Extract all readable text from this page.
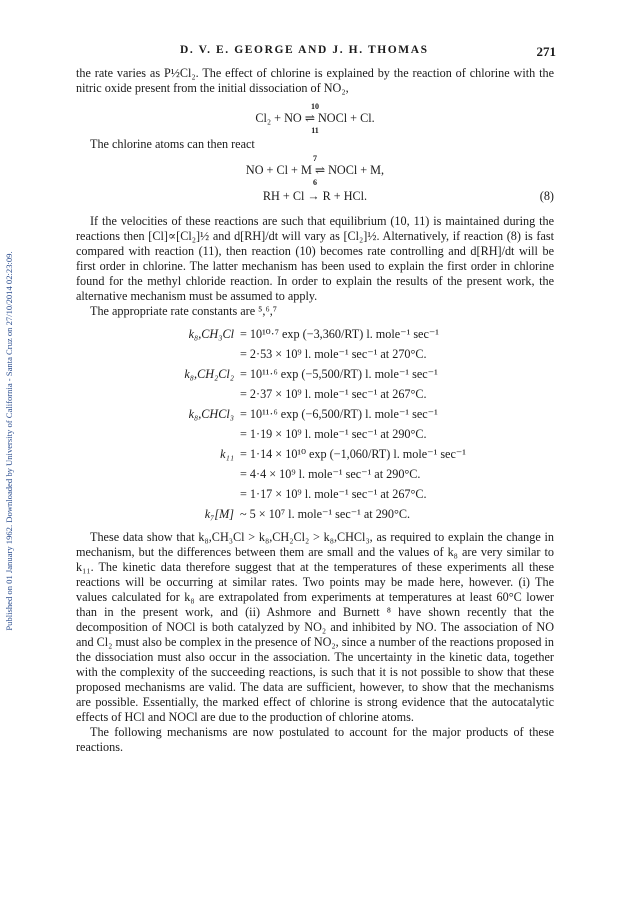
Published on 01 January 1962. Downloaded by University of California - Santa Cruz on 27/10/2014 02:23:09.
D. V. E. GEORGE AND J. H. THOMAS	271

the rate varies as P½Cl₂. The effect of chlorine is explained by the reaction of chlorine with the nitric oxide present from the initial dissociation of NO₂,

10
Cl₂ + NO ⇌ NOCl + Cl.
11

The chlorine atoms can then react

7
NO + Cl + M ⇌ NOCl + M,
6
RH + Cl → R + HCl.	(8)

If the velocities of these reactions are such that equilibrium (10, 11) is maintained during the reactions then [Cl]∝[Cl₂]½ and d[RH]/dt will vary as [Cl₂]½. Alternatively, if reaction (8) is fast compared with reaction (11), then reaction (10) becomes rate controlling and d[RH]/dt will be first order in chlorine. The latter mechanism has been used to explain the first order in chlorine found for the methyl chloride reaction. In order to explain the results of the present work, the alternative mechanism must be assumed to apply.

The appropriate rate constants are ⁵,⁶,⁷

k₈,CH₃Cl = 10¹⁰·⁷ exp (−3,360/RT) l. mole⁻¹ sec⁻¹
= 2·53 × 10⁹ l. mole⁻¹ sec⁻¹ at 270°C.
k₈,CH₂Cl₂ = 10¹¹·⁶ exp (−5,500/RT) l. mole⁻¹ sec⁻¹
= 2·37 × 10⁹ l. mole⁻¹ sec⁻¹ at 267°C.
k₈,CHCl₃ = 10¹¹·⁶ exp (−6,500/RT) l. mole⁻¹ sec⁻¹
= 1·19 × 10⁹ l. mole⁻¹ sec⁻¹ at 290°C.
k₁₁ = 1·14 × 10¹⁰ exp (−1,060/RT) l. mole⁻¹ sec⁻¹
= 4·4 × 10⁹ l. mole⁻¹ sec⁻¹ at 290°C.
= 1·17 × 10⁹ l. mole⁻¹ sec⁻¹ at 267°C.
k₇[M] ~ 5 × 10⁷ l. mole⁻¹ sec⁻¹ at 290°C.

These data show that k₈,CH₃Cl > k₈,CH₂Cl₂ > k₈,CHCl₃, as required to explain the change in mechanism, but the differences between them are small and the values of k₈ are very similar to k₁₁. The kinetic data therefore suggest that at the temperatures of these experiments all these reactions will be occurring at similar rates. Two points may be made here, however. (i) The values calculated for k₈ are extrapolated from experiments at temperatures at least 60°C lower than in the present work, and (ii) Ashmore and Burnett ⁸ have shown recently that the decomposition of NOCl is both catalyzed by NO₂ and inhibited by NO. The association of NO and Cl₂ must also be complex in the presence of NO₂, since a number of the reactions proposed in the dissociation must also occur in the association. The uncertainty in the kinetic data, together with the complexity of the succeeding reactions, is such that it is not possible to show that these proposed mechanisms are valid. The data are sufficient, however, to show that the mechanisms are possible. Essentially, the marked effect of chlorine is strong evidence that the autocatalytic effects of HCl and NOCl are due to the production of chlorine atoms.

The following mechanisms are now postulated to account for the major products of these reactions.
